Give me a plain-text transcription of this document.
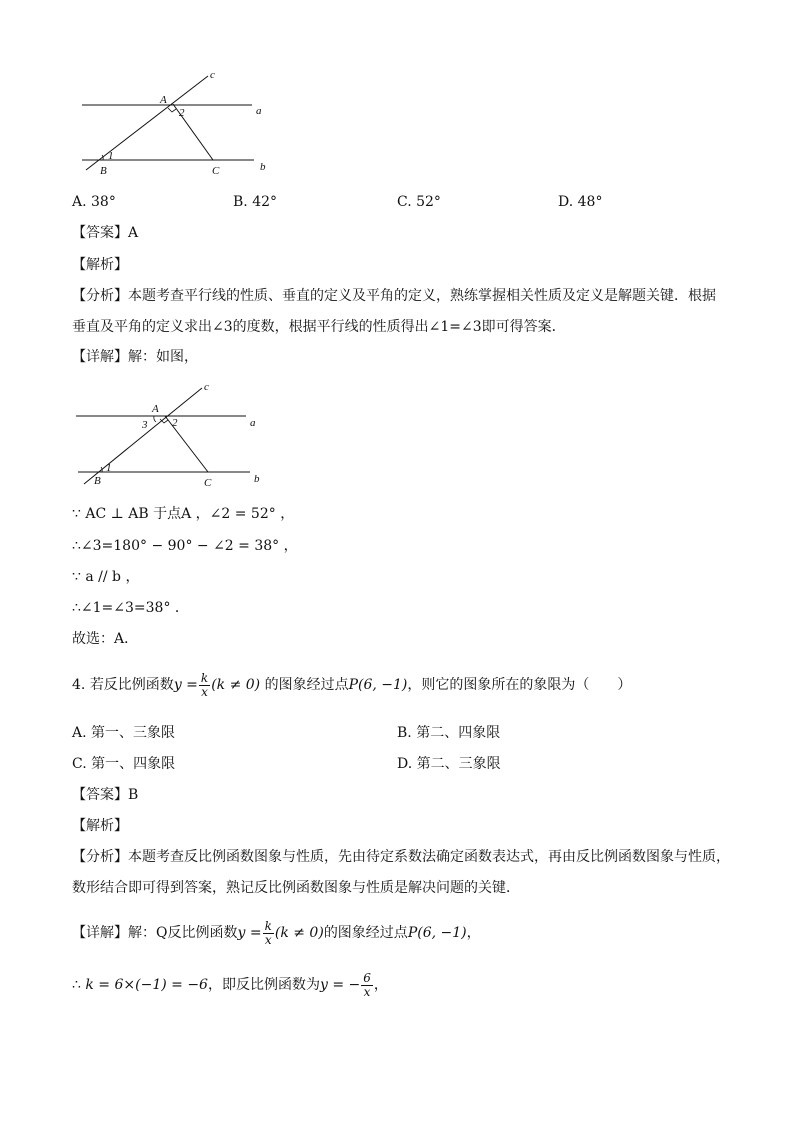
c
A
a
2
1
B	C	b
A. 38°	B. 42°	C. 52°	D. 48°
【答案】A
【解析】
【分析】本题考查平行线的性质、垂直的定义及平角的定义，熟练掌握相关性质及定义是解题关键．根据
垂直及平角的定义求出∠3的度数，根据平行线的性质得出∠1=∠3即可得答案．
【详解】解：如图，
c
A
a
3 2
1
B	C	b
∵ AC ⊥ AB 于点A ，∠2 = 52° ，
∴∠3=180° − 90° − ∠2 = 38° ，
∵ a // b ，
∴∠1=∠3=38° ．
故选：A．
4. 若反比例函数$y = \frac{k}{x} (k \ne 0)$ 的图象经过点P(6, −1)，则它的图象所在的象限为（　　）
A. 第一、三象限	B. 第二、四象限
C. 第一、四象限	D. 第二、三象限
【答案】B
【解析】
【分析】本题考查反比例函数图象与性质，先由待定系数法确定函数表达式，再由反比例函数图象与性质，
数形结合即可得到答案，熟记反比例函数图象与性质是解决问题的关键．
【详解】解：Q反比例函数$y = \frac{k}{x} (k \ne 0)$的图象经过点P(6, −1)，
∴ k = 6×(−1) = −6，即反比例函数为y = − $\frac{6}{x}$ ，
